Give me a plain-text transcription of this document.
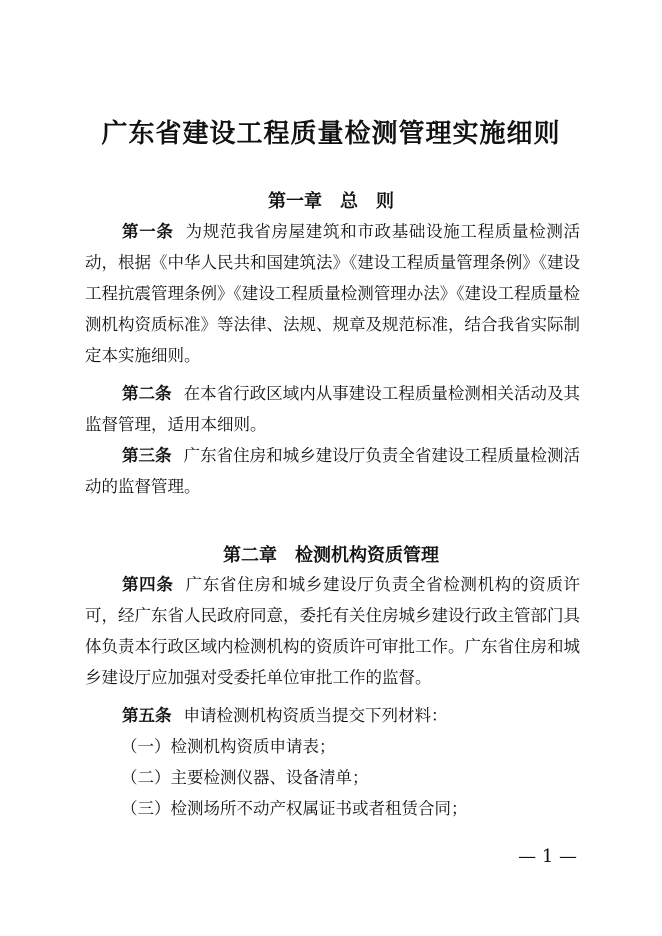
广东省建设工程质量检测管理实施细则
第一章　总　则

第一条 为规范我省房屋建筑和市政基础设施工程质量检测活动，根据《中华人民共和国建筑法》《建设工程质量管理条例》《建设工程抗震管理条例》《建设工程质量检测管理办法》《建设工程质量检测机构资质标准》等法律、法规、规章及规范标准，结合我省实际制定本实施细则。

第二条 在本省行政区域内从事建设工程质量检测相关活动及其监督管理，适用本细则。

第三条 广东省住房和城乡建设厅负责全省建设工程质量检测活动的监督管理。

第二章　检测机构资质管理

第四条 广东省住房和城乡建设厅负责全省检测机构的资质许可，经广东省人民政府同意，委托有关住房城乡建设行政主管部门具体负责本行政区域内检测机构的资质许可审批工作。广东省住房和城乡建设厅应加强对受委托单位审批工作的监督。

第五条 申请检测机构资质当提交下列材料：

（一）检测机构资质申请表；

（二）主要检测仪器、设备清单；

（三）检测场所不动产权属证书或者租赁合同；

— 1 —
